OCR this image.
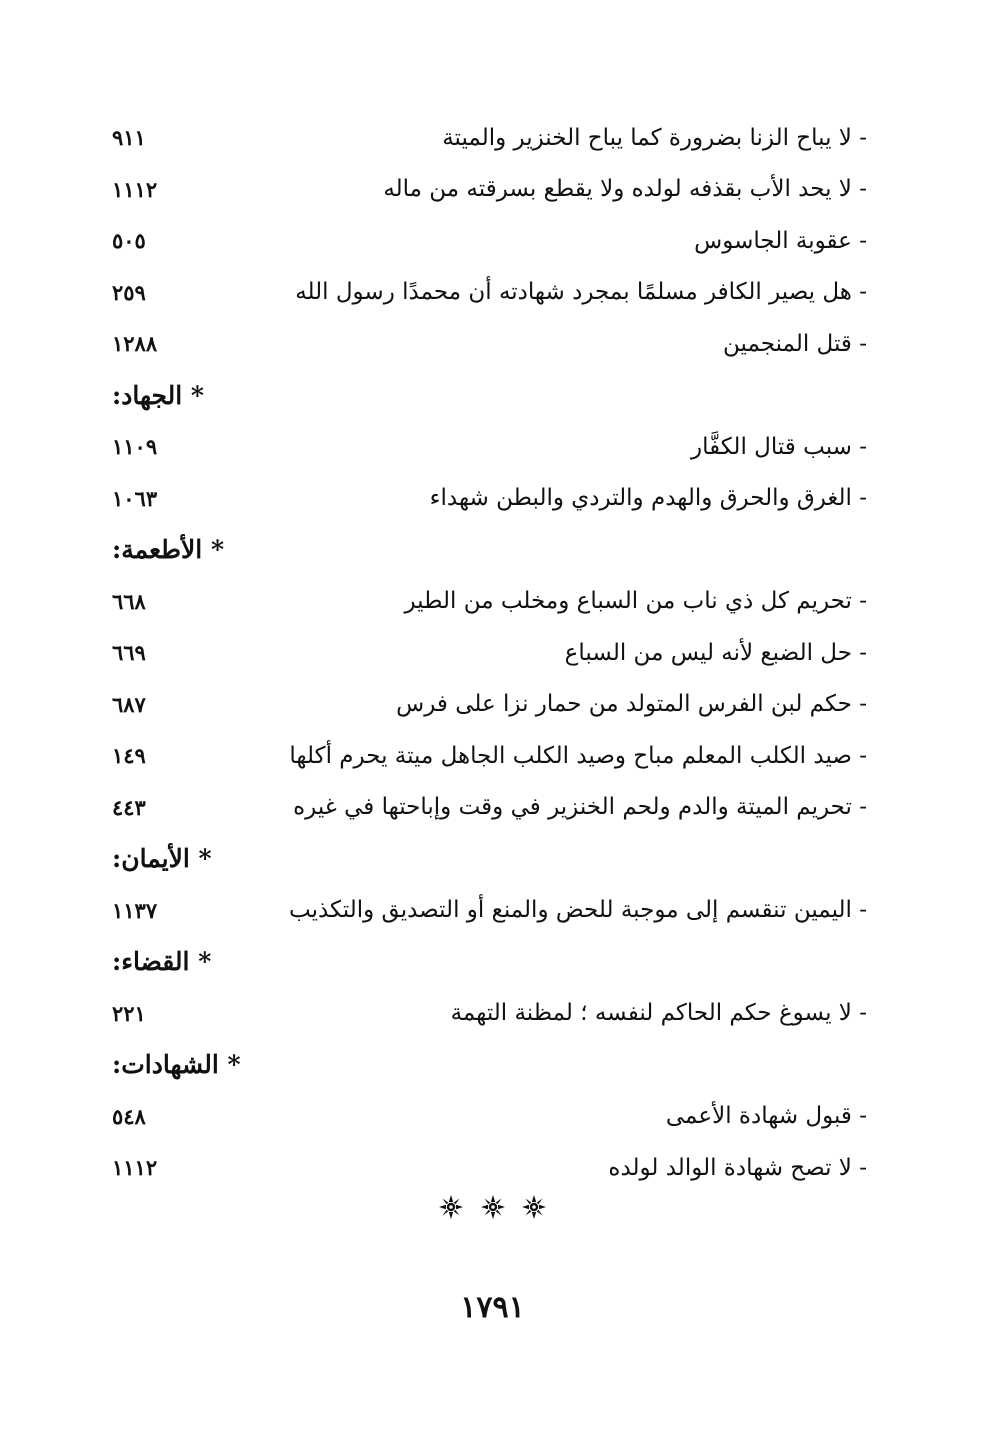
- لا يباح الزنا بضرورة كما يباح الخنزير والميتة
٩١١
- لا يحد الأب بقذفه لولده ولا يقطع بسرقته من ماله
١١١٢
- عقوبة الجاسوس
٥٠٥
- هل يصير الكافر مسلمًا بمجرد شهادته أن محمدًا رسول الله
٢٥٩
- قتل المنجمين
١٢٨٨
* الجهاد:
- سبب قتال الكفَّار
١١٠٩
- الغرق والحرق والهدم والتردي والبطن شهداء
١٠٦٣
* الأطعمة:
- تحريم كل ذي ناب من السباع ومخلب من الطير
٦٦٨
- حل الضبع لأنه ليس من السباع
٦٦٩
- حكم لبن الفرس المتولد من حمار نزا على فرس
٦٨٧
- صيد الكلب المعلم مباح وصيد الكلب الجاهل ميتة يحرم أكلها
١٤٩
- تحريم الميتة والدم ولحم الخنزير في وقت وإباحتها في غيره
٤٤٣
* الأيمان:
- اليمين تنقسم إلى موجبة للحض والمنع أو التصديق والتكذيب
١١٣٧
* القضاء:
- لا يسوغ حكم الحاكم لنفسه ؛ لمظنة التهمة
٢٢١
* الشهادات:
- قبول شهادة الأعمى
٥٤٨
- لا تصح شهادة الوالد لولده
١١١٢

١٧٩١
